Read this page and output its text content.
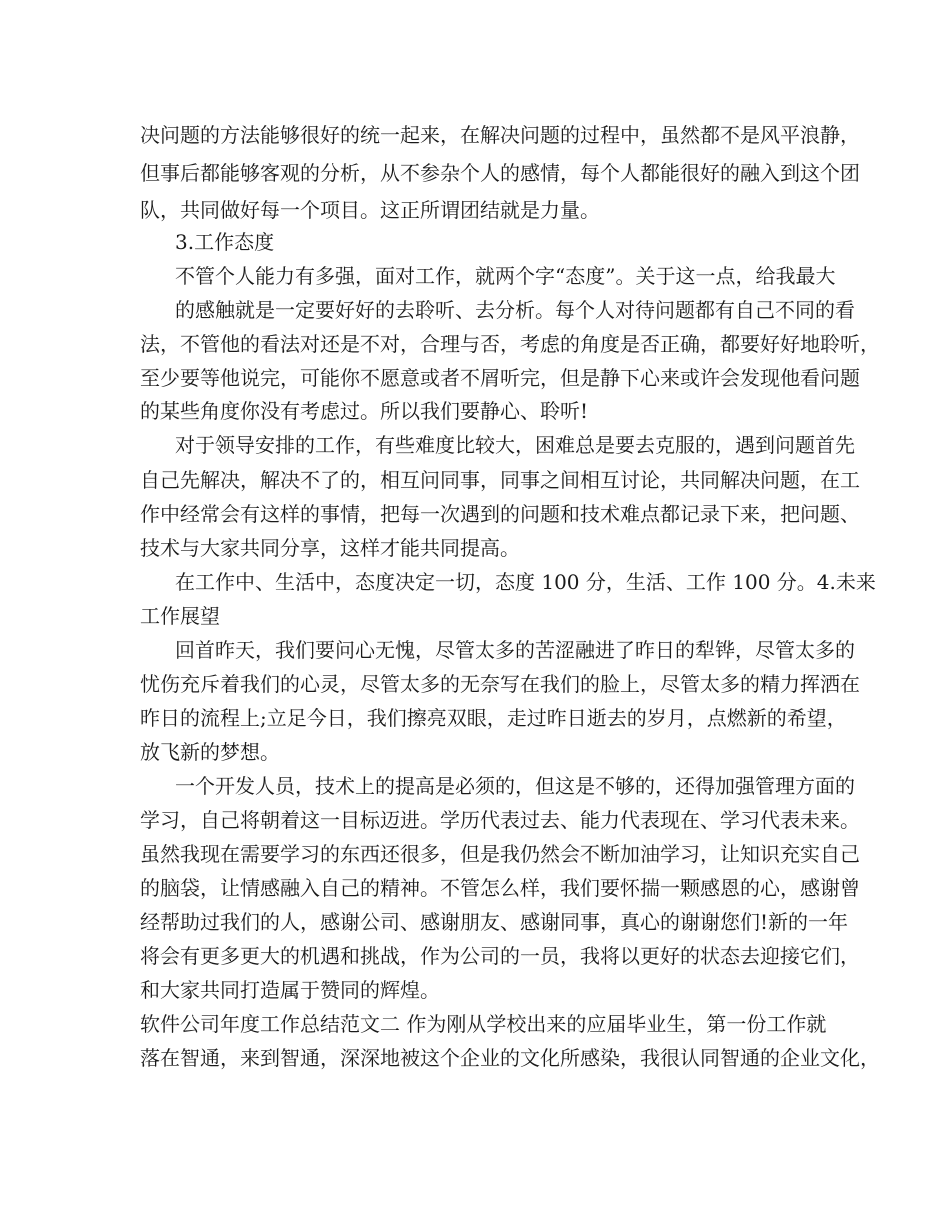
决问题的方法能够很好的统一起来，在解决问题的过程中，虽然都不是风平浪静，
但事后都能够客观的分析，从不参杂个人的感情，每个人都能很好的融入到这个团
队，共同做好每一个项目。这正所谓团结就是力量。
3.工作态度
不管个人能力有多强，面对工作，就两个字“态度”。关于这一点，给我最大
的感触就是一定要好好的去聆听、去分析。每个人对待问题都有自己不同的看
法，不管他的看法对还是不对，合理与否，考虑的角度是否正确，都要好好地聆听，
至少要等他说完，可能你不愿意或者不屑听完，但是静下心来或许会发现他看问题
的某些角度你没有考虑过。所以我们要静心、聆听!
对于领导安排的工作，有些难度比较大，困难总是要去克服的，遇到问题首先
自己先解决，解决不了的，相互问同事，同事之间相互讨论，共同解决问题，在工
作中经常会有这样的事情，把每一次遇到的问题和技术难点都记录下来，把问题、
技术与大家共同分享，这样才能共同提高。
在工作中、生活中，态度决定一切，态度 100 分，生活、工作 100 分。4.未来
工作展望
回首昨天，我们要问心无愧，尽管太多的苦涩融进了昨日的犁铧，尽管太多的
忧伤充斥着我们的心灵，尽管太多的无奈写在我们的脸上，尽管太多的精力挥洒在
昨日的流程上;立足今日，我们擦亮双眼，走过昨日逝去的岁月，点燃新的希望，
放飞新的梦想。
一个开发人员，技术上的提高是必须的，但这是不够的，还得加强管理方面的
学习，自己将朝着这一目标迈进。学历代表过去、能力代表现在、学习代表未来。
虽然我现在需要学习的东西还很多，但是我仍然会不断加油学习，让知识充实自己
的脑袋，让情感融入自己的精神。不管怎么样，我们要怀揣一颗感恩的心，感谢曾
经帮助过我们的人，感谢公司、感谢朋友、感谢同事，真心的谢谢您们!新的一年
将会有更多更大的机遇和挑战，作为公司的一员，我将以更好的状态去迎接它们，
和大家共同打造属于赞同的辉煌。
软件公司年度工作总结范文二 作为刚从学校出来的应届毕业生，第一份工作就
落在智通，来到智通，深深地被这个企业的文化所感染，我很认同智通的企业文化，
